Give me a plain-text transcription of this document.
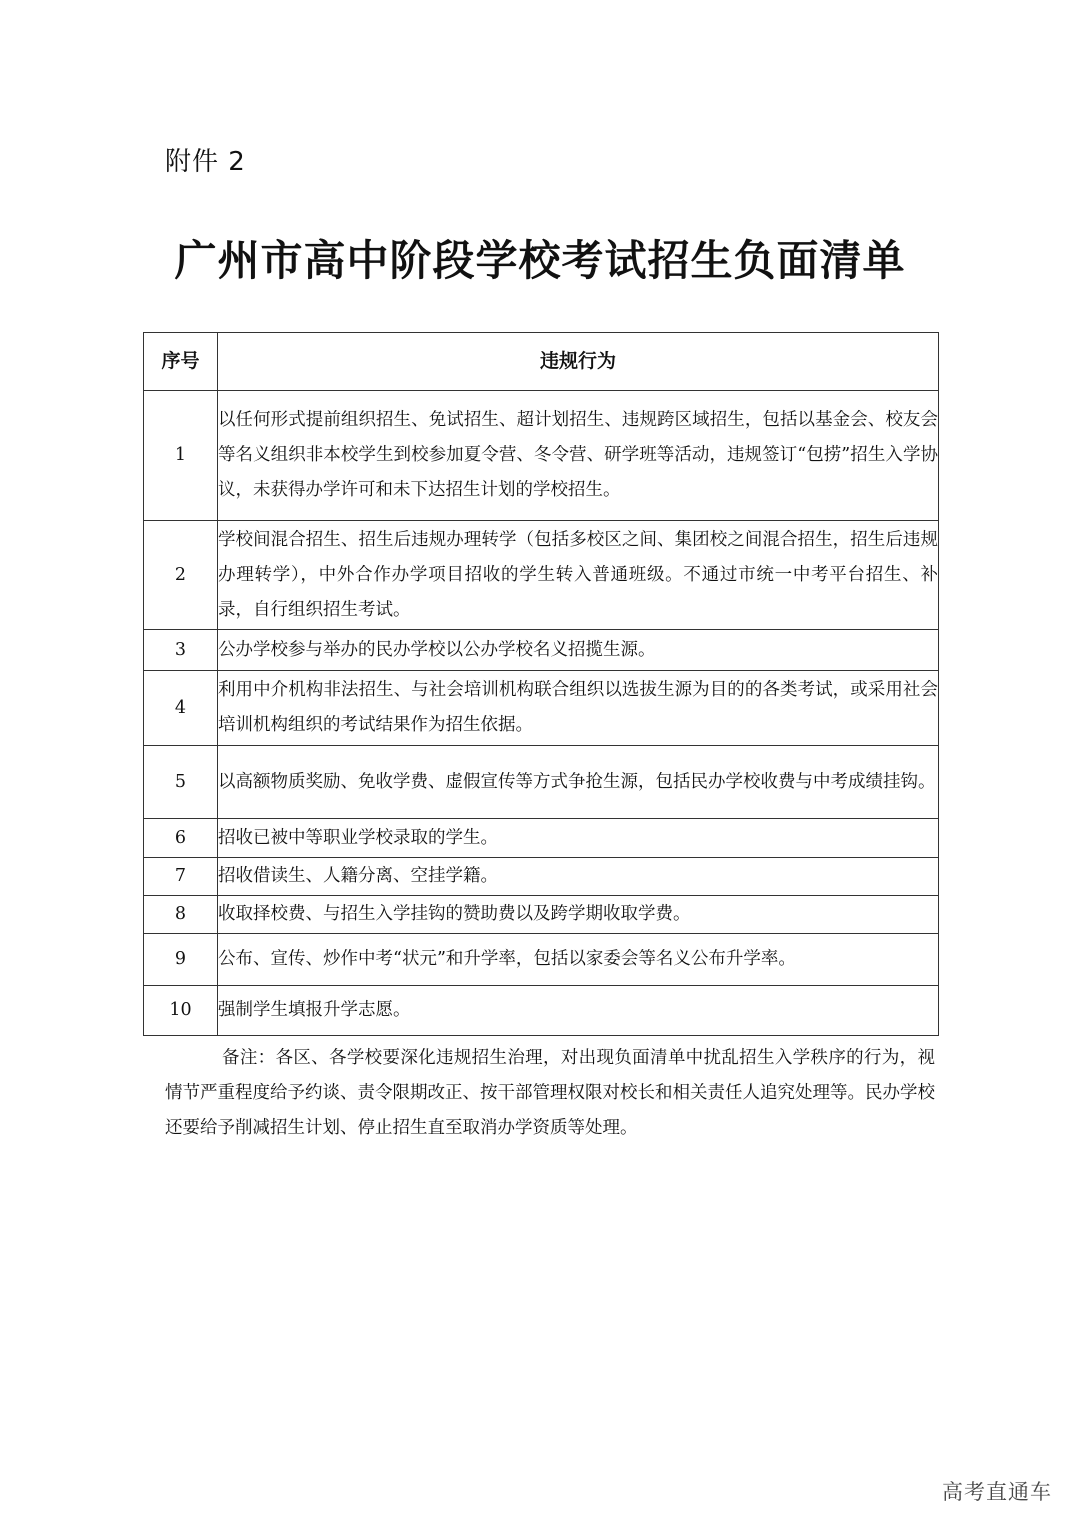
附件 2
广州市高中阶段学校考试招生负面清单
序号	违规行为
1	以任何形式提前组织招生、免试招生、超计划招生、违规跨区域招生，包括以基金会、校友会等名义组织非本校学生到校参加夏令营、冬令营、研学班等活动，违规签订“包捞”招生入学协议，未获得办学许可和未下达招生计划的学校招生。
2	学校间混合招生、招生后违规办理转学（包括多校区之间、集团校之间混合招生，招生后违规办理转学），中外合作办学项目招收的学生转入普通班级。不通过市统一中考平台招生、补录，自行组织招生考试。
3	公办学校参与举办的民办学校以公办学校名义招揽生源。
4	利用中介机构非法招生、与社会培训机构联合组织以选拔生源为目的的各类考试，或采用社会培训机构组织的考试结果作为招生依据。
5	以高额物质奖励、免收学费、虚假宣传等方式争抢生源，包括民办学校收费与中考成绩挂钩。
6	招收已被中等职业学校录取的学生。
7	招收借读生、人籍分离、空挂学籍。
8	收取择校费、与招生入学挂钩的赞助费以及跨学期收取学费。
9	公布、宣传、炒作中考“状元”和升学率，包括以家委会等名义公布升学率。
10	强制学生填报升学志愿。
备注：各区、各学校要深化违规招生治理，对出现负面清单中扰乱招生入学秩序的行为，视情节严重程度给予约谈、责令限期改正、按干部管理权限对校长和相关责任人追究处理等。民办学校还要给予削减招生计划、停止招生直至取消办学资质等处理。
高考直通车
